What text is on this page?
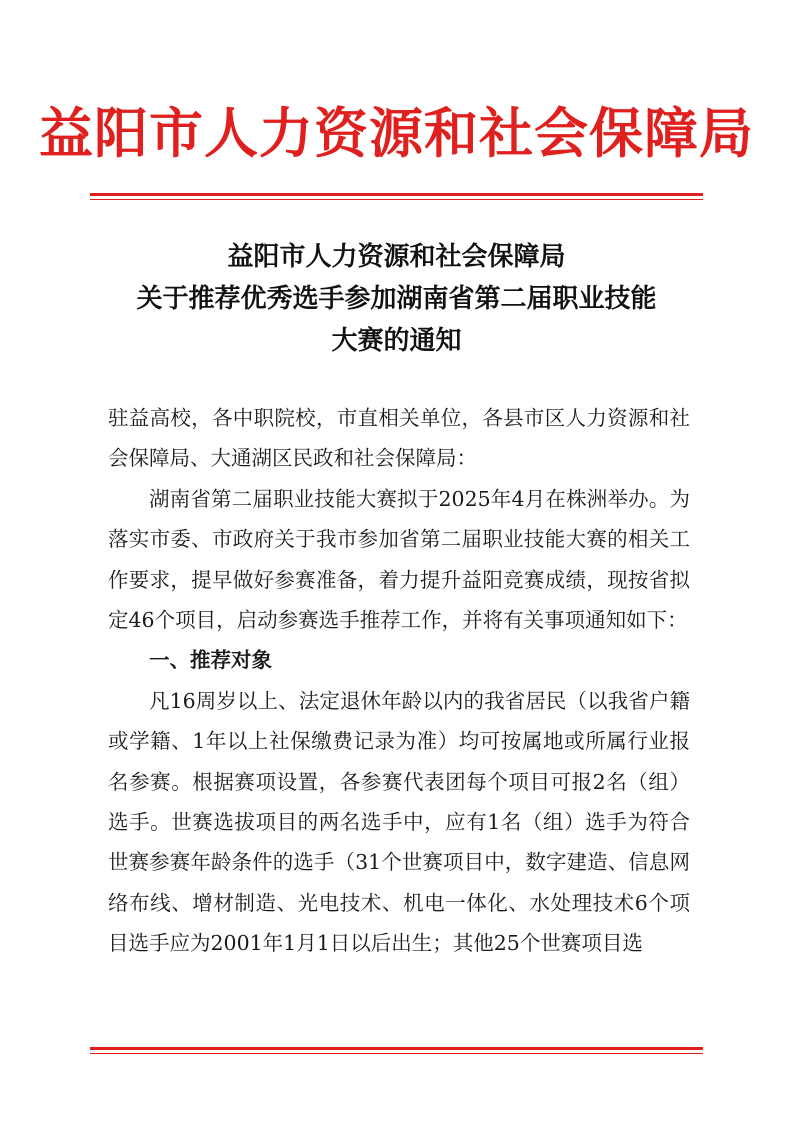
益阳市人力资源和社会保障局
益阳市人力资源和社会保障局
关于推荐优秀选手参加湖南省第二届职业技能
大赛的通知

驻益高校，各中职院校，市直相关单位，各县市区人力资源和社会保障局、大通湖区民政和社会保障局：

湖南省第二届职业技能大赛拟于2025年4月在株洲举办。为落实市委、市政府关于我市参加省第二届职业技能大赛的相关工作要求，提早做好参赛准备，着力提升益阳竞赛成绩，现按省拟定46个项目，启动参赛选手推荐工作，并将有关事项通知如下：

一、推荐对象

凡16周岁以上、法定退休年龄以内的我省居民（以我省户籍或学籍、1年以上社保缴费记录为准）均可按属地或所属行业报名参赛。根据赛项设置，各参赛代表团每个项目可报2名（组）选手。世赛选拔项目的两名选手中，应有1名（组）选手为符合世赛参赛年龄条件的选手（31个世赛项目中，数字建造、信息网络布线、增材制造、光电技术、机电一体化、水处理技术6个项目选手应为2001年1月1日以后出生；其他25个世赛项目选
